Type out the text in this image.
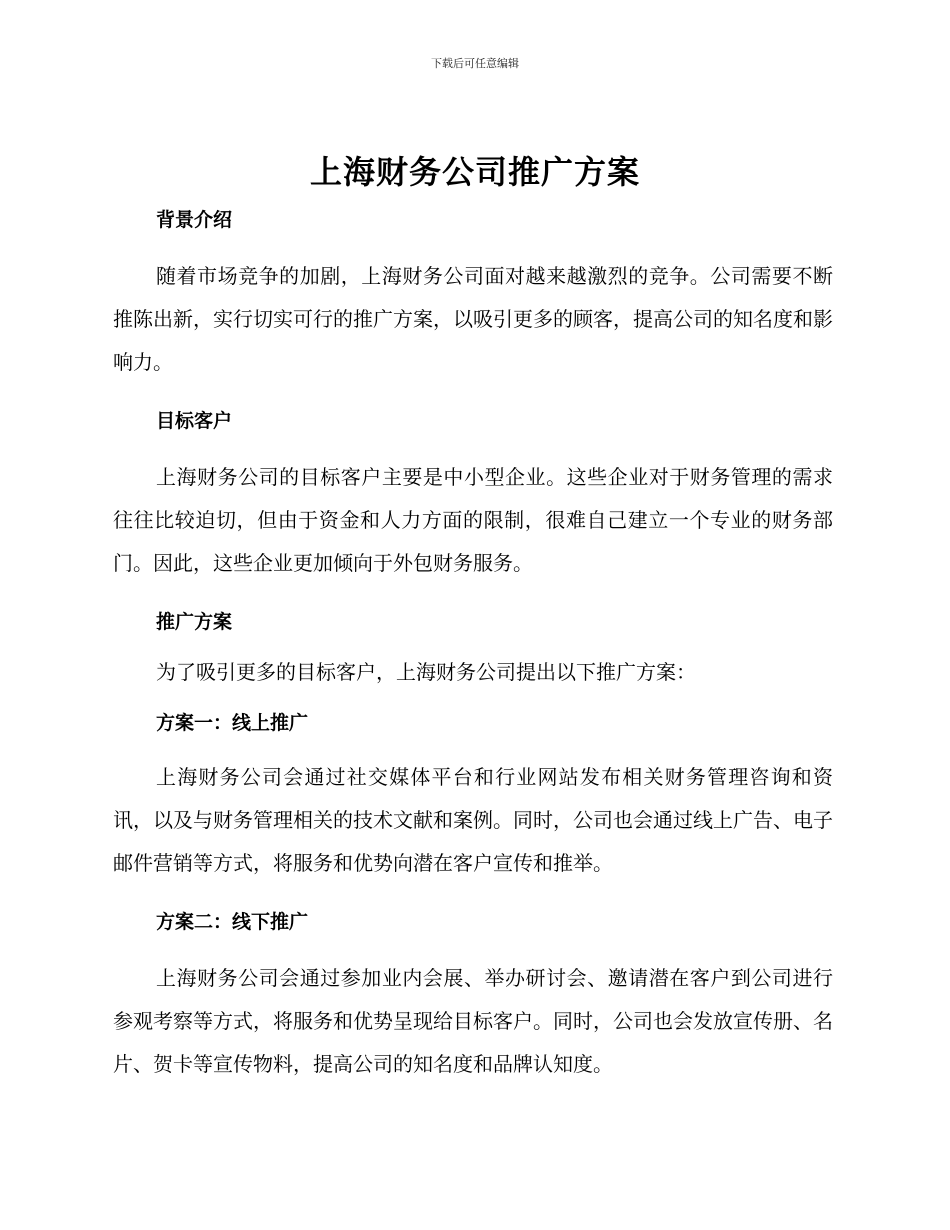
下载后可任意编辑
上海财务公司推广方案

背景介绍

随着市场竞争的加剧，上海财务公司面对越来越激烈的竞争。公司需要不断推陈出新，实行切实可行的推广方案，以吸引更多的顾客，提高公司的知名度和影响力。

目标客户

上海财务公司的目标客户主要是中小型企业。这些企业对于财务管理的需求往往比较迫切，但由于资金和人力方面的限制，很难自己建立一个专业的财务部门。因此，这些企业更加倾向于外包财务服务。

推广方案

为了吸引更多的目标客户，上海财务公司提出以下推广方案：

方案一：线上推广

上海财务公司会通过社交媒体平台和行业网站发布相关财务管理咨询和资讯，以及与财务管理相关的技术文献和案例。同时，公司也会通过线上广告、电子邮件营销等方式，将服务和优势向潜在客户宣传和推举。

方案二：线下推广

上海财务公司会通过参加业内会展、举办研讨会、邀请潜在客户到公司进行参观考察等方式，将服务和优势呈现给目标客户。同时，公司也会发放宣传册、名片、贺卡等宣传物料，提高公司的知名度和品牌认知度。
